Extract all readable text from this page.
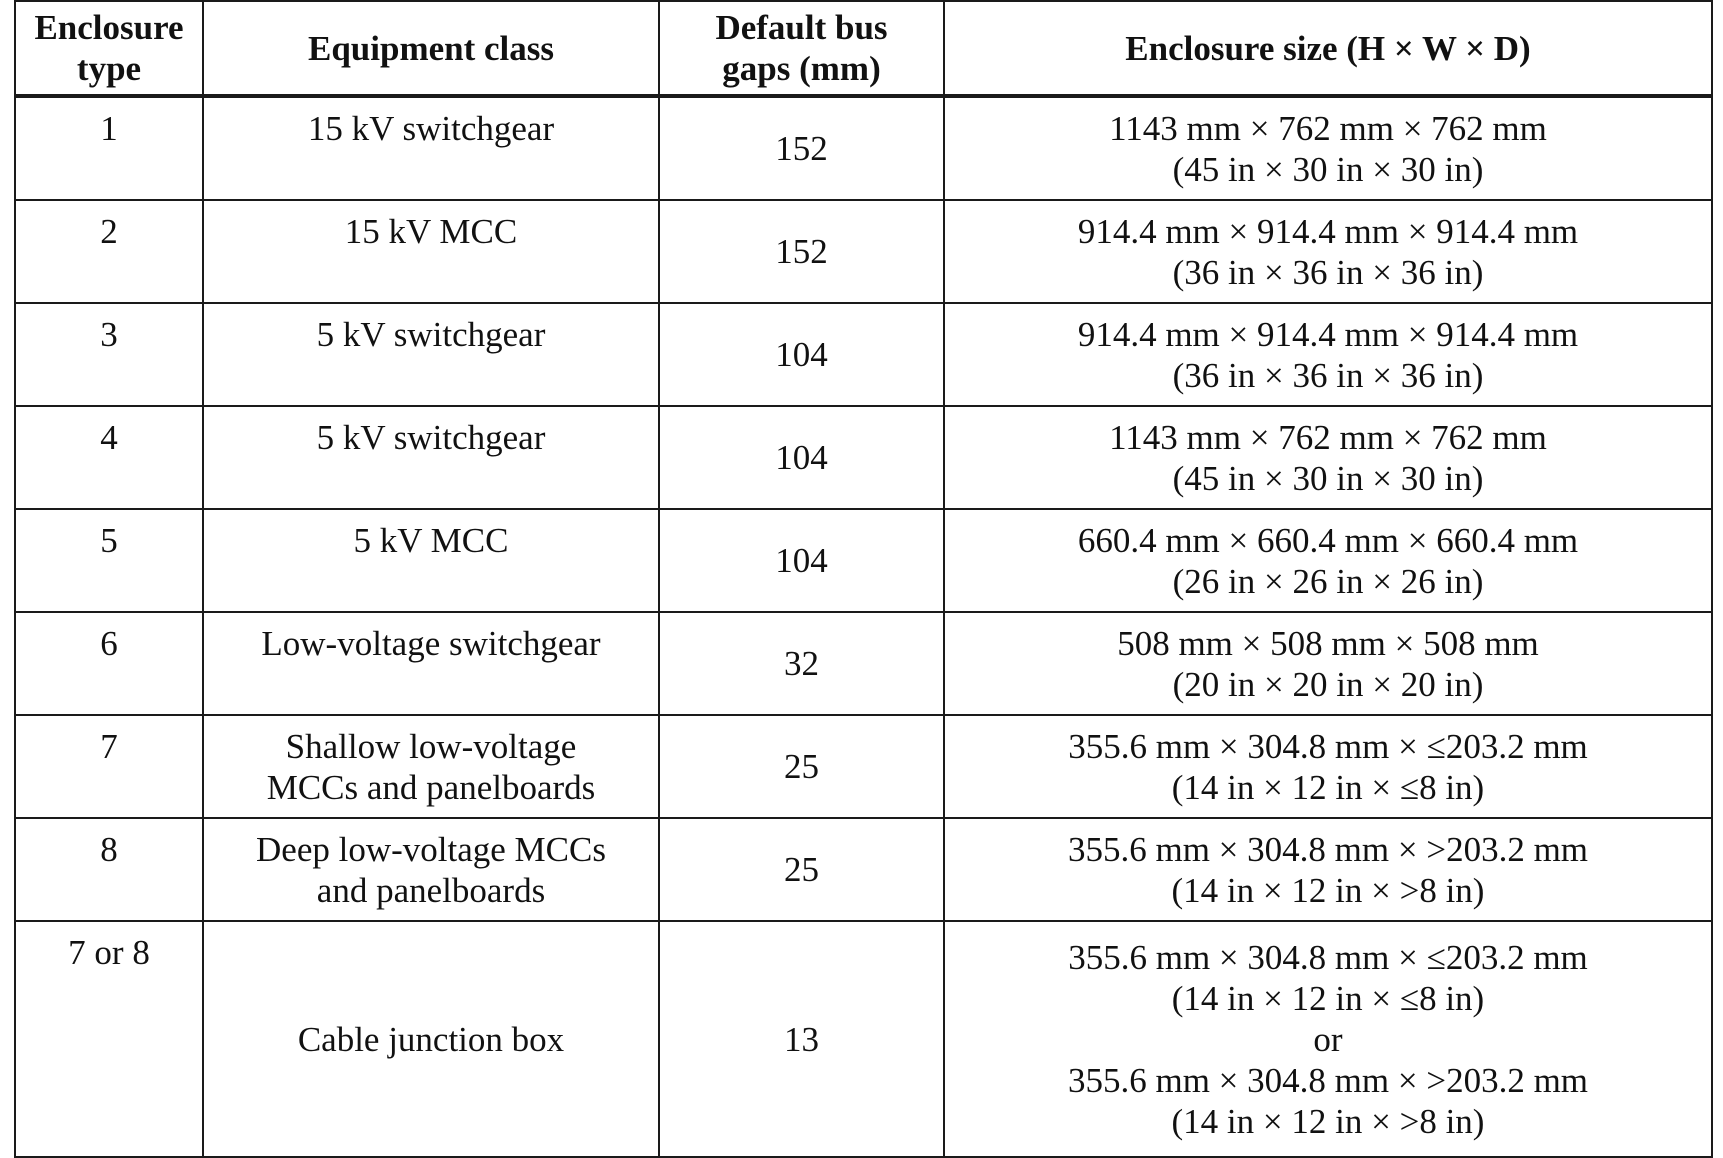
Enclosure
type	Equipment class	Default bus
gaps (mm)	Enclosure size (H × W × D)

1	15 kV switchgear	152	1143 mm × 762 mm × 762 mm
(45 in × 30 in × 30 in)

2	15 kV MCC	152	914.4 mm × 914.4 mm × 914.4 mm
(36 in × 36 in × 36 in)

3	5 kV switchgear	104	914.4 mm × 914.4 mm × 914.4 mm
(36 in × 36 in × 36 in)

4	5 kV switchgear	104	1143 mm × 762 mm × 762 mm
(45 in × 30 in × 30 in)

5	5 kV MCC	104	660.4 mm × 660.4 mm × 660.4 mm
(26 in × 26 in × 26 in)

6	Low-voltage switchgear	32	508 mm × 508 mm × 508 mm
(20 in × 20 in × 20 in)

7	Shallow low-voltage
MCCs and panelboards	25	355.6 mm × 304.8 mm × ≤203.2 mm
(14 in × 12 in × ≤8 in)

8	Deep low-voltage MCCs
and panelboards	25	355.6 mm × 304.8 mm × >203.2 mm
(14 in × 12 in × >8 in)

7 or 8	Cable junction box	13	355.6 mm × 304.8 mm × ≤203.2 mm
(14 in × 12 in × ≤8 in)
or
355.6 mm × 304.8 mm × >203.2 mm
(14 in × 12 in × >8 in)
